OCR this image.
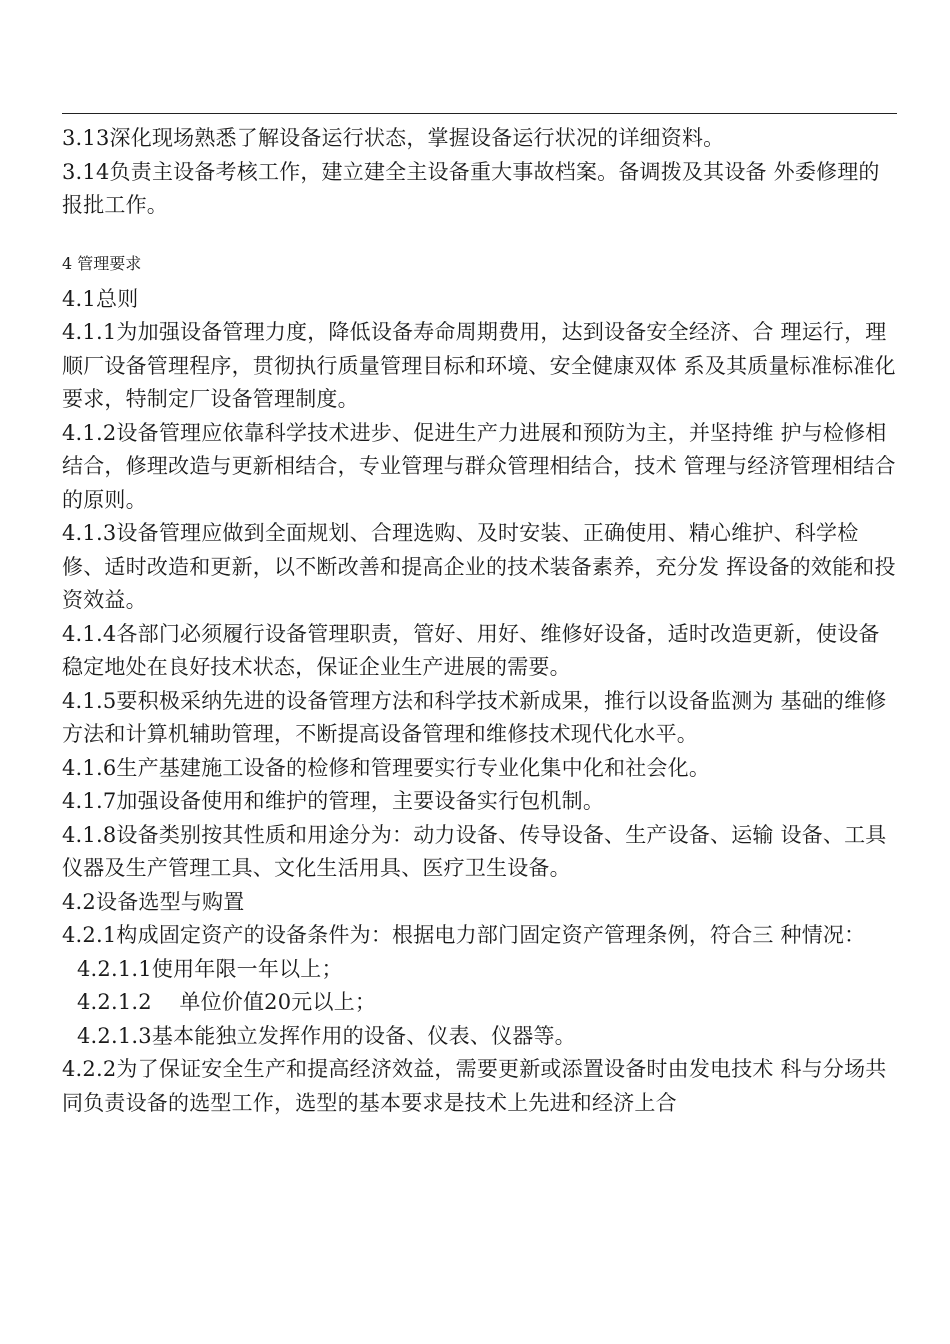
3.13深化现场熟悉了解设备运行状态，掌握设备运行状况的详细资料。

3.14负责主设备考核工作，建立建全主设备重大事故档案。备调拨及其设备 外委修理的报批工作。

4 管理要求

4.1总则

4.1.1为加强设备管理力度，降低设备寿命周期费用，达到设备安全经济、合 理运行，理顺厂设备管理程序，贯彻执行质量管理目标和环境、安全健康双体 系及其质量标准标准化要求，特制定厂设备管理制度。

4.1.2设备管理应依靠科学技术进步、促进生产力进展和预防为主，并坚持维 护与检修相结合，修理改造与更新相结合，专业管理与群众管理相结合，技术 管理与经济管理相结合的原则。

4.1.3设备管理应做到全面规划、合理选购、及时安装、正确使用、精心维护、科学检修、适时改造和更新，以不断改善和提高企业的技术装备素养，充分发 挥设备的效能和投资效益。

4.1.4各部门必须履行设备管理职责，管好、用好、维修好设备，适时改造更新，使设备稳定地处在良好技术状态，保证企业生产进展的需要。

4.1.5要积极采纳先进的设备管理方法和科学技术新成果，推行以设备监测为 基础的维修方法和计算机辅助管理，不断提高设备管理和维修技术现代化水平。

4.1.6生产基建施工设备的检修和管理要实行专业化集中化和社会化。

4.1.7加强设备使用和维护的管理，主要设备实行包机制。

4.1.8设备类别按其性质和用途分为：动力设备、传导设备、生产设备、运输 设备、工具仪器及生产管理工具、文化生活用具、医疗卫生设备。

4.2设备选型与购置

4.2.1构成固定资产的设备条件为：根据电力部门固定资产管理条例，符合三 种情况：

4.2.1.1使用年限一年以上；

4.2.1.2    单位价值20元以上；

4.2.1.3基本能独立发挥作用的设备、仪表、仪器等。

4.2.2为了保证安全生产和提高经济效益，需要更新或添置设备时由发电技术 科与分场共同负责设备的选型工作，选型的基本要求是技术上先进和经济上合
